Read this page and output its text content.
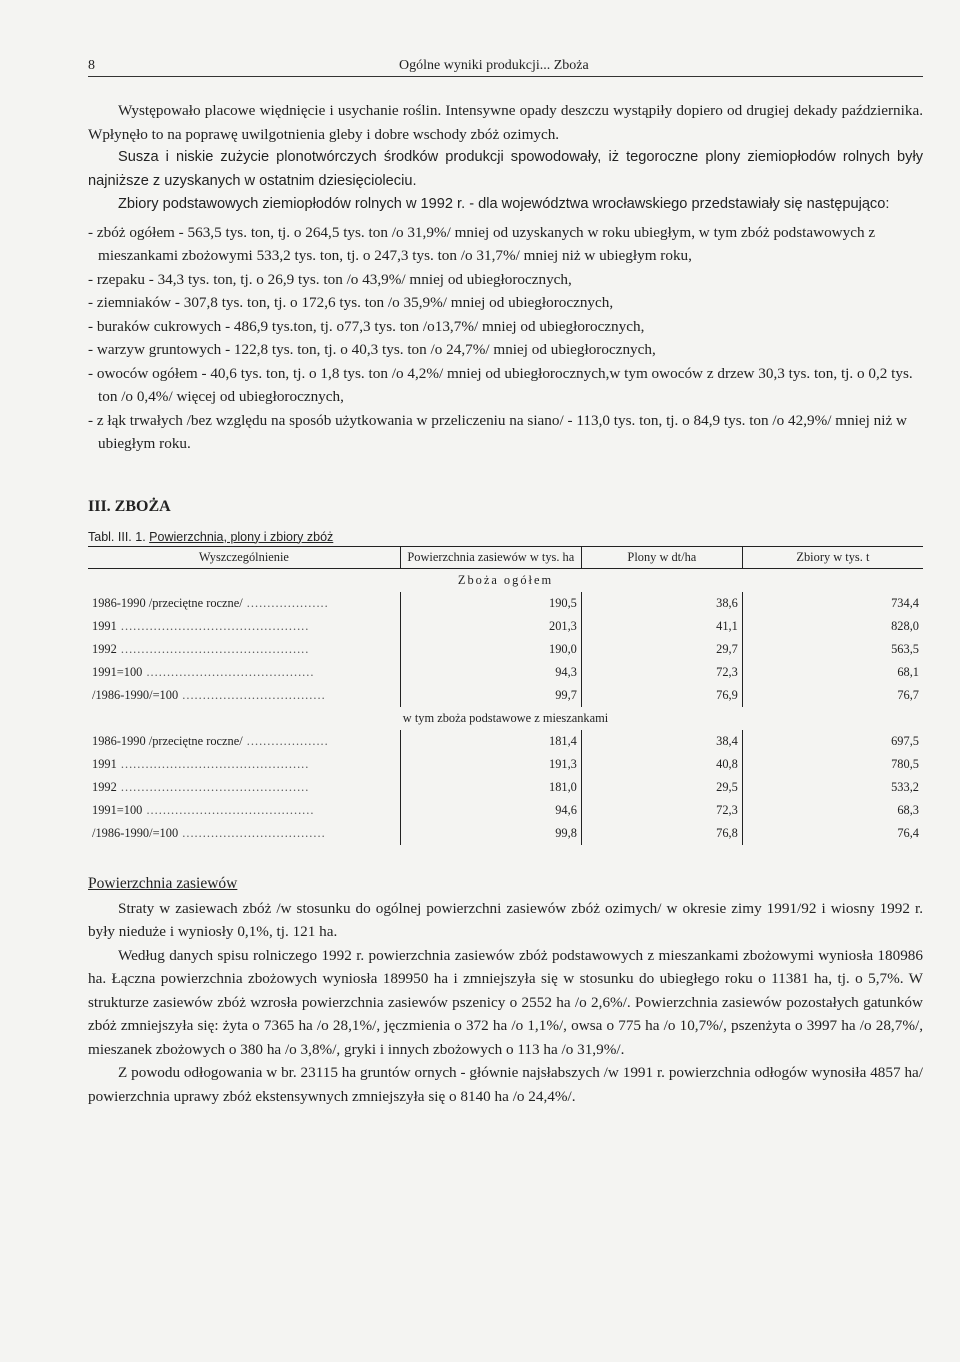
8	Ogólne wyniki produkcji... Zboża

Występowało placowe więdnięcie i usychanie roślin. Intensywne opady deszczu wystąpiły dopiero od drugiej dekady października. Wpłynęło to na poprawę uwilgotnienia gleby i dobre wschody zbóż ozimych.

Susza i niskie zużycie plonotwórczych środków produkcji spowodowały, iż tegoroczne plony ziemiopłodów rolnych były najniższe z uzyskanych w ostatnim dziesięcioleciu.

Zbiory podstawowych ziemiopłodów rolnych w 1992 r. - dla województwa wrocławskiego przedstawiały się następująco:

- zbóż ogółem - 563,5 tys. ton, tj. o 264,5 tys. ton /o 31,9%/ mniej od uzyskanych w roku ubiegłym, w tym zbóż podstawowych z mieszankami zbożowymi 533,2 tys. ton, tj. o 247,3 tys. ton /o 31,7%/ mniej niż w ubiegłym roku,
- rzepaku - 34,3 tys. ton, tj. o 26,9 tys. ton /o 43,9%/ mniej od ubiegłorocznych,
- ziemniaków - 307,8 tys. ton, tj. o 172,6 tys. ton /o 35,9%/ mniej od ubiegłorocznych,
- buraków cukrowych - 486,9 tys.ton, tj. o77,3 tys. ton /o13,7%/ mniej od ubiegłorocznych,
- warzyw gruntowych - 122,8 tys. ton, tj. o 40,3 tys. ton /o 24,7%/ mniej od ubiegłorocznych,
- owoców ogółem - 40,6 tys. ton, tj. o 1,8 tys. ton /o 4,2%/ mniej od ubiegłorocznych,w tym owoców z drzew 30,3 tys. ton, tj. o 0,2 tys. ton /o 0,4%/ więcej od ubiegłorocznych,
- z łąk trwałych /bez względu na sposób użytkowania w przeliczeniu na siano/ - 113,0 tys. ton, tj. o 84,9 tys. ton /o 42,9%/ mniej niż w ubiegłym roku.
III. ZBOŻA
Tabl. III. 1. Powierzchnia, plony i zbiory zbóż
Wyszczególnienie	Powierzchnia zasiewów w tys. ha	Plony w dt/ha	Zbiory w tys. t
Zboża ogółem			
1986-1990 /przeciętne roczne/ ....................	190,5	38,6	734,4
1991 ..............................................	201,3	41,1	828,0
1992 ..............................................	190,0	29,7	563,5
1991=100 .........................................	94,3	72,3	68,1
/1986-1990/=100 ...................................	99,7	76,9	76,7
w tym zboża podstawowe z mieszankami			
1986-1990 /przeciętne roczne/ ....................	181,4	38,4	697,5
1991 ..............................................	191,3	40,8	780,5
1992 ..............................................	181,0	29,5	533,2
1991=100 .........................................	94,6	72,3	68,3
/1986-1990/=100 ...................................	99,8	76,8	76,4
Powierzchnia zasiewów

Straty w zasiewach zbóż /w stosunku do ogólnej powierzchni zasiewów zbóż ozimych/ w okresie zimy 1991/92 i wiosny 1992 r. były nieduże i wyniosły 0,1%, tj. 121 ha.

Według danych spisu rolniczego 1992 r. powierzchnia zasiewów zbóż podstawowych z mieszankami zbożowymi wyniosła 180986 ha. Łączna powierzchnia zbożowych wyniosła 189950 ha i zmniejszyła się w stosunku do ubiegłego roku o 11381 ha, tj. o 5,7%. W strukturze zasiewów zbóż wzrosła powierzchnia zasiewów pszenicy o 2552 ha /o 2,6%/. Powierzchnia zasiewów pozostałych gatunków zbóż zmniejszyła się: żyta o 7365 ha /o 28,1%/, jęczmienia o 372 ha /o 1,1%/, owsa o 775 ha /o 10,7%/, pszenżyta o 3997 ha /o 28,7%/, mieszanek zbożowych o 380 ha /o 3,8%/, gryki i innych zbożowych o 113 ha /o 31,9%/.

Z powodu odłogowania w br. 23115 ha gruntów ornych - głównie najsłabszych /w 1991 r. powierzchnia odłogów wynosiła 4857 ha/ powierzchnia uprawy zbóż ekstensywnych zmniejszyła się o 8140 ha /o 24,4%/.
